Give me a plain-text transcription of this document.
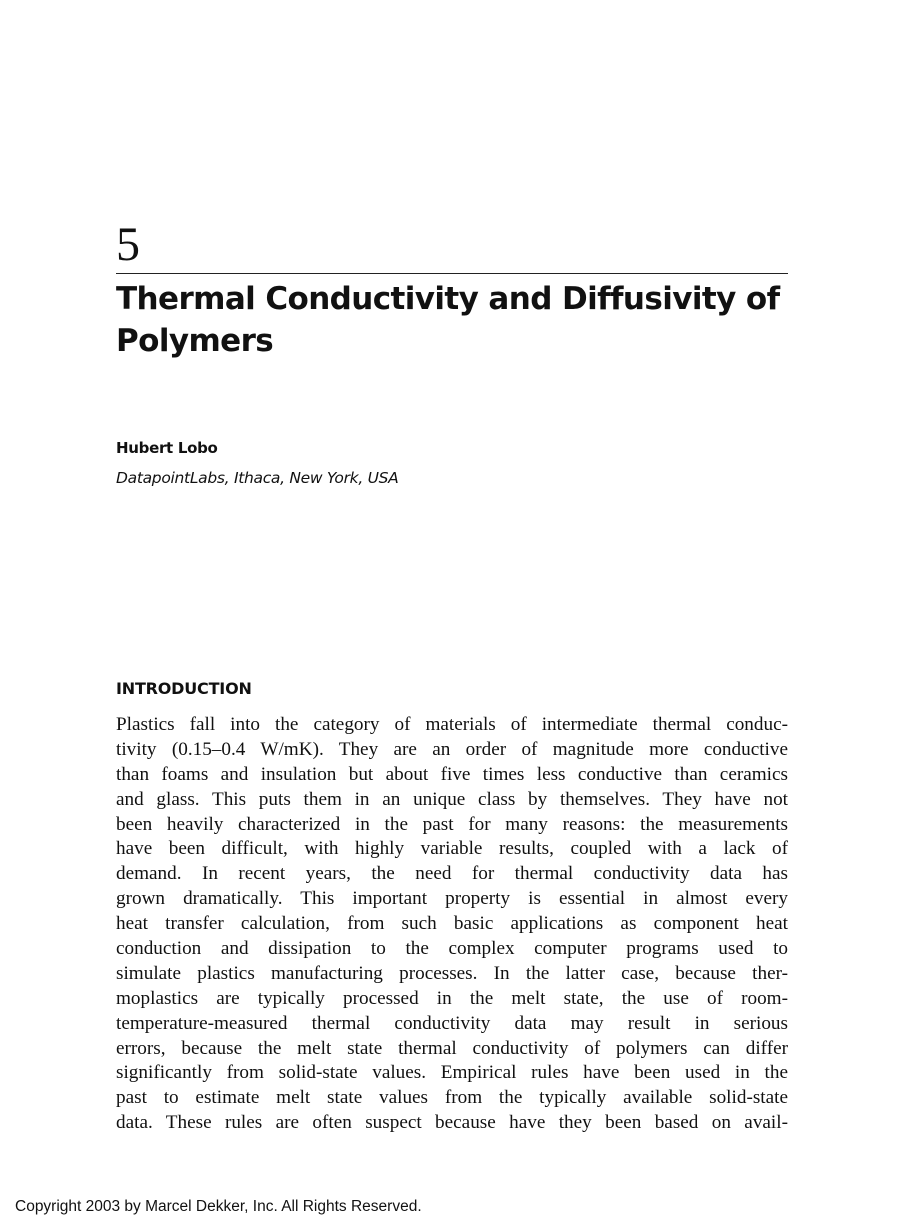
5
Thermal Conductivity and Diffusivity of Polymers
Hubert Lobo
DatapointLabs, Ithaca, New York, USA
INTRODUCTION
Plastics fall into the category of materials of intermediate thermal conduc-
tivity (0.15–0.4 W/mK). They are an order of magnitude more conductive
than foams and insulation but about five times less conductive than ceramics
and glass. This puts them in an unique class by themselves. They have not
been heavily characterized in the past for many reasons: the measurements
have been difficult, with highly variable results, coupled with a lack of
demand. In recent years, the need for thermal conductivity data has
grown dramatically. This important property is essential in almost every
heat transfer calculation, from such basic applications as component heat
conduction and dissipation to the complex computer programs used to
simulate plastics manufacturing processes. In the latter case, because ther-
moplastics are typically processed in the melt state, the use of room-
temperature-measured thermal conductivity data may result in serious
errors, because the melt state thermal conductivity of polymers can differ
significantly from solid-state values. Empirical rules have been used in the
past to estimate melt state values from the typically available solid-state
data. These rules are often suspect because have they been based on avail-
Copyright 2003 by Marcel Dekker, Inc. All Rights Reserved.
